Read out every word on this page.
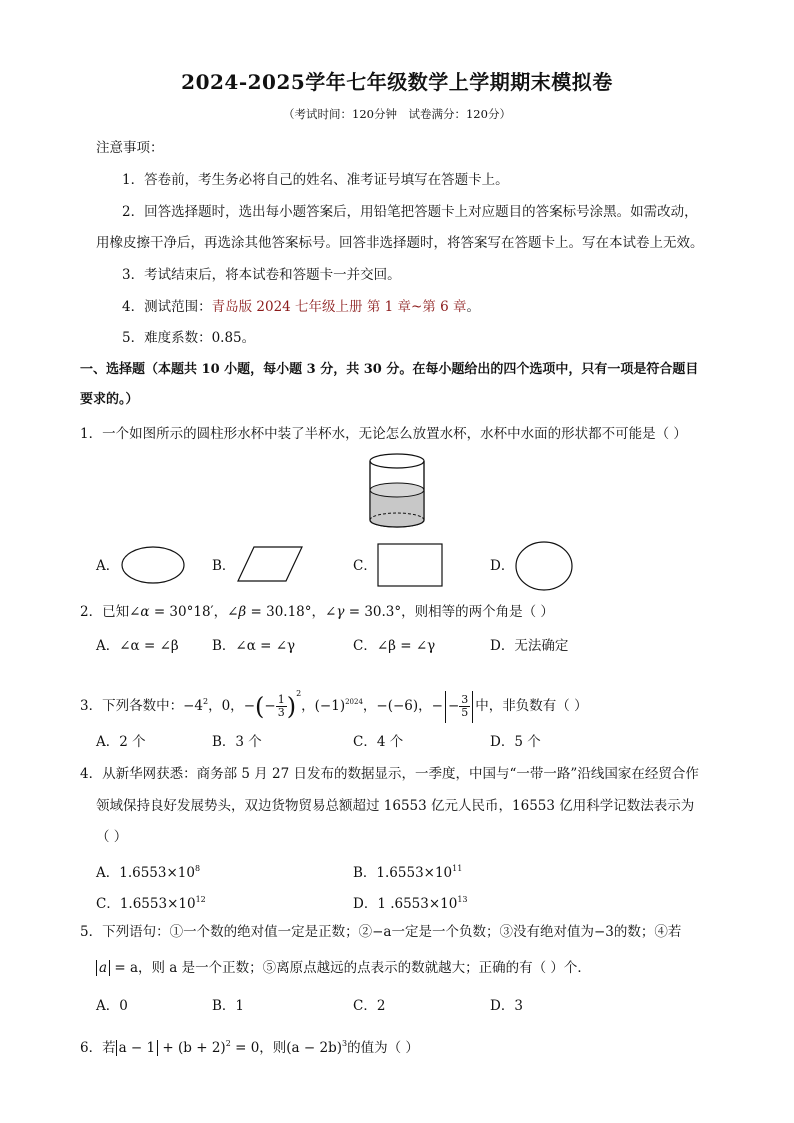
2024-2025学年七年级数学上学期期末模拟卷
（考试时间：120分钟　试卷满分：120分）
注意事项：
1．答卷前，考生务必将自己的姓名、准考证号填写在答题卡上。
2．回答选择题时，选出每小题答案后，用铅笔把答题卡上对应题目的答案标号涂黑。如需改动，
用橡皮擦干净后，再选涂其他答案标号。回答非选择题时，将答案写在答题卡上。写在本试卷上无效。
3．考试结束后，将本试卷和答题卡一并交回。
4．测试范围：青岛版 2024 七年级上册 第 1 章~第 6 章。
5．难度系数：0.85。
一、选择题（本题共 10 小题，每小题 3 分，共 30 分。在每小题给出的四个选项中，只有一项是符合题目
要求的。）
1．一个如图所示的圆柱形水杯中装了半杯水，无论怎么放置水杯，水杯中水面的形状都不可能是（ ）
A．	B．	C．	D．
2．已知∠α = 30°18′，∠β = 30.18°，∠γ = 30.3°，则相等的两个角是（ ）
A．∠α = ∠β B．∠α = ∠γ	C．∠β = ∠γ	D．无法确定
3．下列各数中：$-4^2$，0，−(− $\frac{1}{3} )^2$，$(-1)^{2024}$，−(−6)，− − $\frac{3}{5}$ 中，非负数有（ ）
A．2 个	B．3 个	C．4 个	D．5 个
4．从新华网获悉：商务部 5 月 27 日发布的数据显示，一季度，中国与“一带一路”沿线国家在经贸合作
领域保持良好发展势头，双边货物贸易总额超过 16553 亿元人民币，16553 亿用科学记数法表示为
（ ）
A．$1.6553\times 10^8$	B．$1.6553\times 10^{11}$
C．$1.6553\times 10^{12}$	D．1 $.6553\times 10^{13}$
5．下列语句：①一个数的绝对值一定是正数；②−a一定是一个负数；③没有绝对值为−3的数；④若
a = a，则 a 是一个正数；⑤离原点越远的点表示的数就越大；正确的有（ ）个．
A．0	B．1	C．2	D．3
6．若 $a - 1 + (b + 2)^2 = 0$，则$(a - 2b)^3$的值为（ ）
